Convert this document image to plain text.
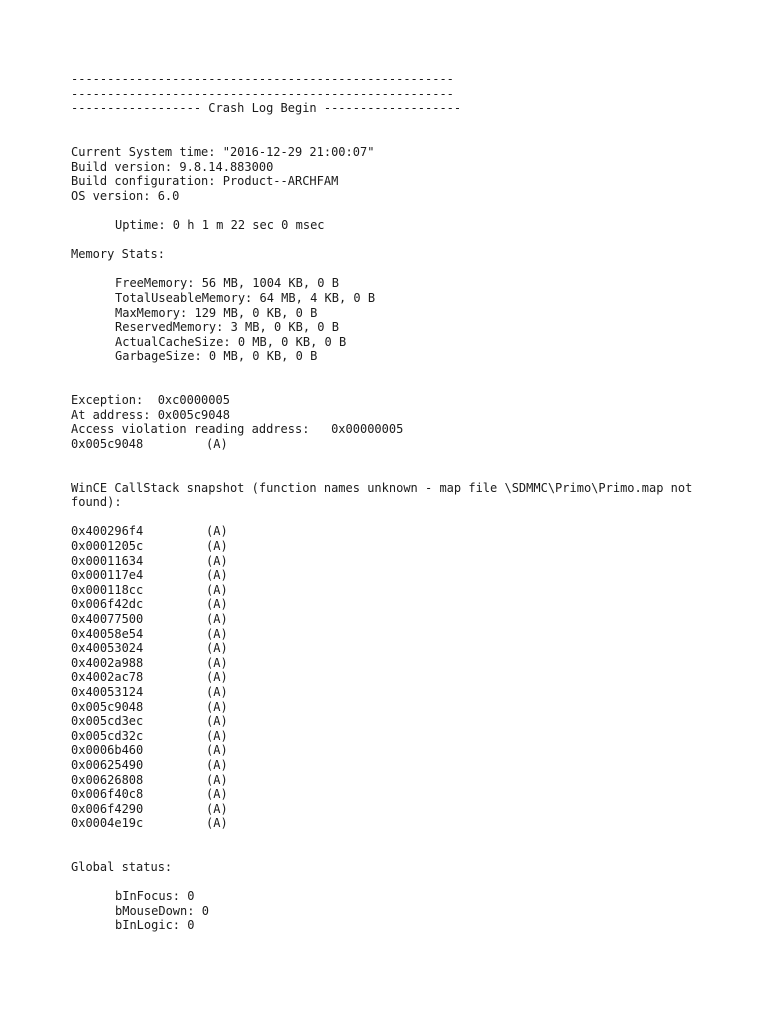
-----------------------------------------------------
-----------------------------------------------------
------------------ Crash Log Begin -------------------
Current System time: "2016-12-29 21:00:07"
Build version: 9.8.14.883000
Build configuration: Product--ARCHFAM
OS version: 6.0
Uptime: 0 h 1 m 22 sec 0 msec
Memory Stats:
FreeMemory: 56 MB, 1004 KB, 0 B
TotalUseableMemory: 64 MB, 4 KB, 0 B
MaxMemory: 129 MB, 0 KB, 0 B
ReservedMemory: 3 MB, 0 KB, 0 B
ActualCacheSize: 0 MB, 0 KB, 0 B
GarbageSize: 0 MB, 0 KB, 0 B
Exception:  0xc0000005
At address: 0x005c9048
Access violation reading address:   0x00000005
0x005c9048	(A)
WinCE CallStack snapshot (function names unknown - map file \SDMMC\Primo\Primo.map not found):
0x400296f4	(A)
0x0001205c	(A)
0x00011634	(A)
0x000117e4	(A)
0x000118cc	(A)
0x006f42dc	(A)
0x40077500	(A)
0x40058e54	(A)
0x40053024	(A)
0x4002a988	(A)
0x4002ac78	(A)
0x40053124	(A)
0x005c9048	(A)
0x005cd3ec	(A)
0x005cd32c	(A)
0x0006b460	(A)
0x00625490	(A)
0x00626808	(A)
0x006f40c8	(A)
0x006f4290	(A)
0x0004e19c	(A)
Global status:
bInFocus: 0
bMouseDown: 0
bInLogic: 0
